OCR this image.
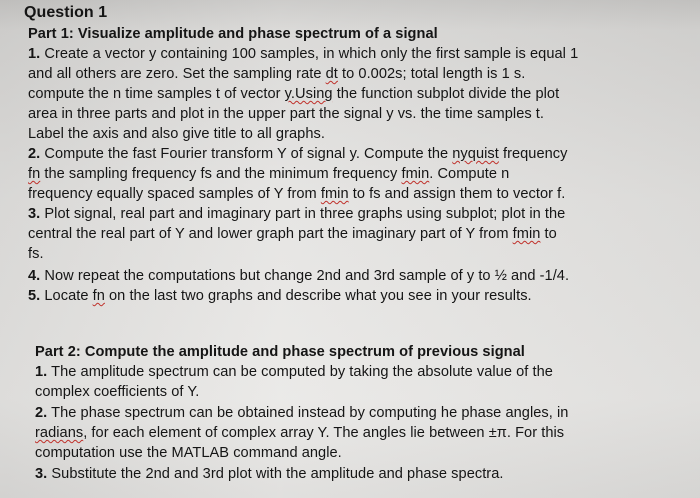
Question 1
Part 1: Visualize amplitude and phase spectrum of a signal
1. Create a vector y containing 100 samples, in which only the first sample is equal 1
and all others are zero. Set the sampling rate dt to 0.002s; total length is 1 s.
compute the n time samples t of vector y.Using the function subplot divide the plot
area in three parts and plot in the upper part the signal y vs. the time samples t.
Label the axis and also give title to all graphs.
2. Compute the fast Fourier transform Y of signal y. Compute the nyquist frequency
fn the sampling frequency fs and the minimum frequency fmin. Compute n
frequency equally spaced samples of Y from fmin to fs and assign them to vector f.
3. Plot signal, real part and imaginary part in three graphs using subplot; plot in the
central the real part of Y and lower graph part the imaginary part of Y from fmin to
fs.
4. Now repeat the computations but change 2nd and 3rd sample of y to ½ and -1/4.
5. Locate fn on the last two graphs and describe what you see in your results.
Part 2: Compute the amplitude and phase spectrum of previous signal
1. The amplitude spectrum can be computed by taking the absolute value of the
complex coefficients of Y.
2. The phase spectrum can be obtained instead by computing he phase angles, in
radians, for each element of complex array Y. The angles lie between ±π. For this
computation use the MATLAB command angle.
3. Substitute the 2nd and 3rd plot with the amplitude and phase spectra.
